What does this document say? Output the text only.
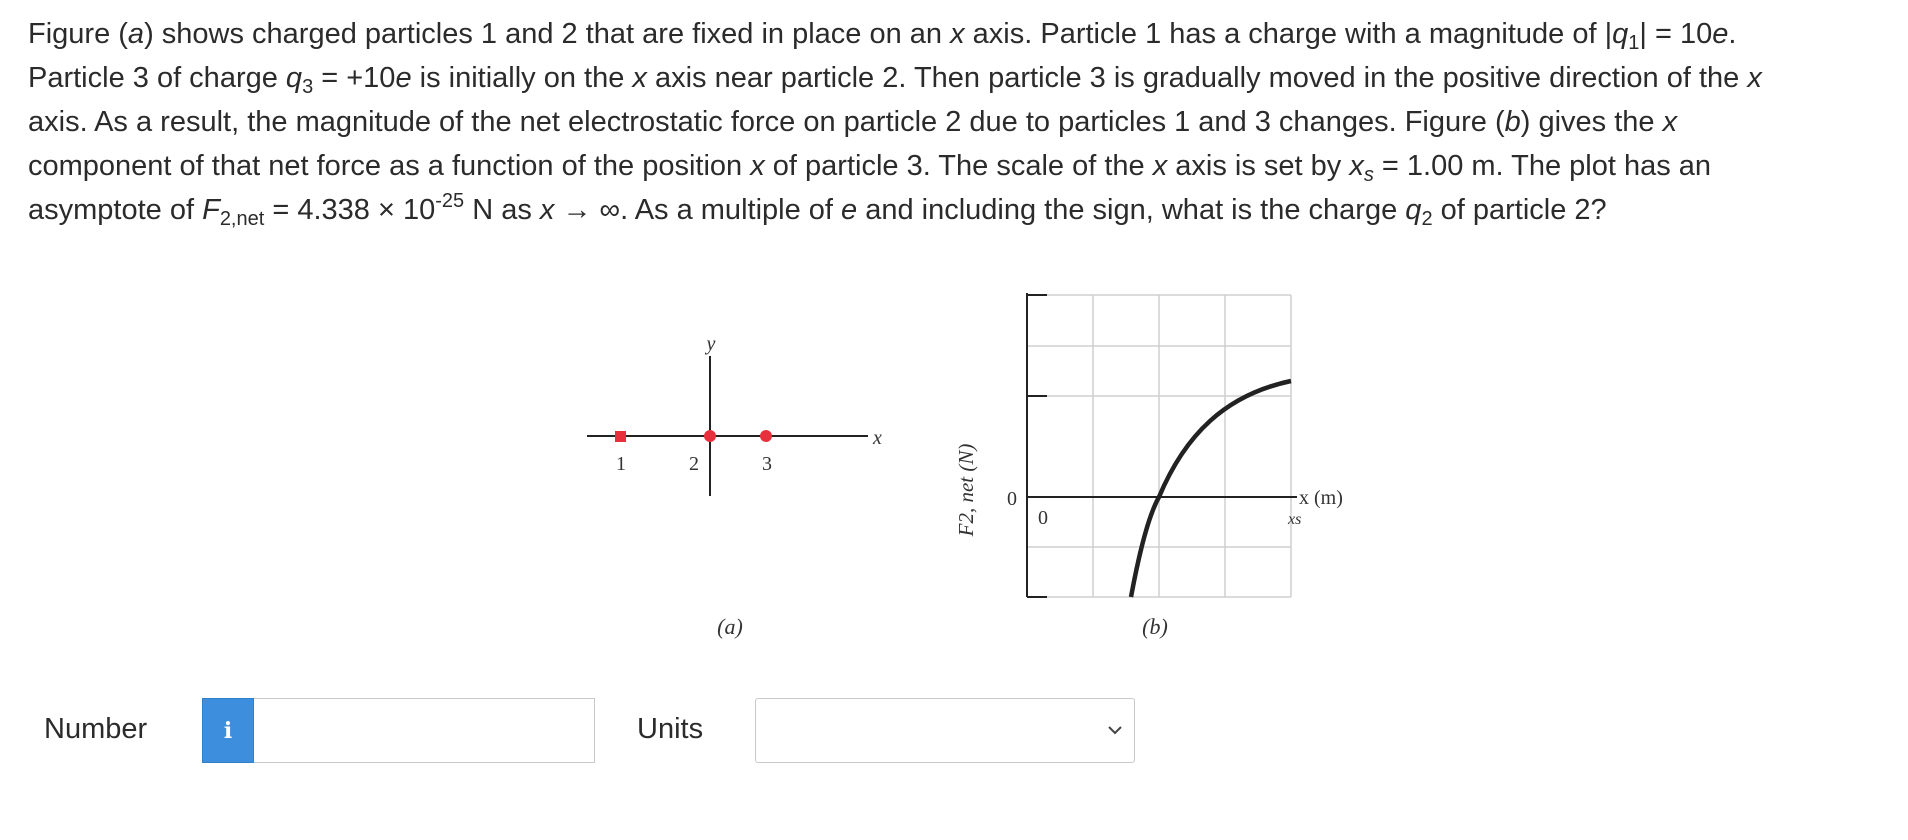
Figure (a) shows charged particles 1 and 2 that are fixed in place on an x axis. Particle 1 has a charge with a magnitude of $|q_1| = 10e$.
Particle 3 of charge $q_3 = +10e$ is initially on the x axis near particle 2. Then particle 3 is gradually moved in the positive direction of the x
axis. As a result, the magnitude of the net electrostatic force on particle 2 due to particles 1 and 3 changes. Figure (b) gives the x
component of that net force as a function of the position x of particle 3. The scale of the x axis is set by $x_s = 1.00$ m. The plot has an
asymptote of $F_{2,net} = 4.338 \times 10^{-25}$ N as x → ∞. As a multiple of e and including the sign, what is the charge $q_2$ of particle 2?

y
x
1	2	3
(a)
F2, net (N) 0
0
x (m)
xs
(b)
Number	i	Units
